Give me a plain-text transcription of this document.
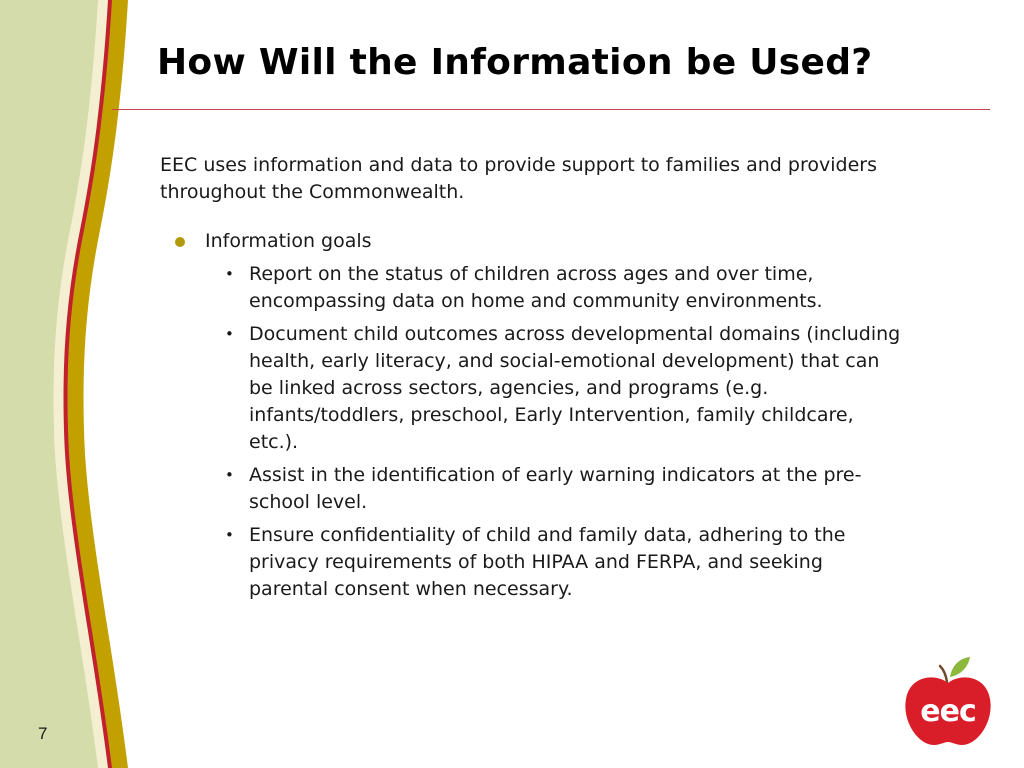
How Will the Information be Used?

EEC uses information and data to provide support to families and providers throughout the Commonwealth.

Information goals
• Report on the status of children across ages and over time, encompassing data on home and community environments.
• Document child outcomes across developmental domains (including health, early literacy, and social-emotional development) that can be linked across sectors, agencies, and programs (e.g. infants/toddlers, preschool, Early Intervention, family childcare, etc.).
• Assist in the identification of early warning indicators at the pre-school level.
• Ensure confidentiality of child and family data, adhering to the privacy requirements of both HIPAA and FERPA, and seeking parental consent when necessary.
7
eec
